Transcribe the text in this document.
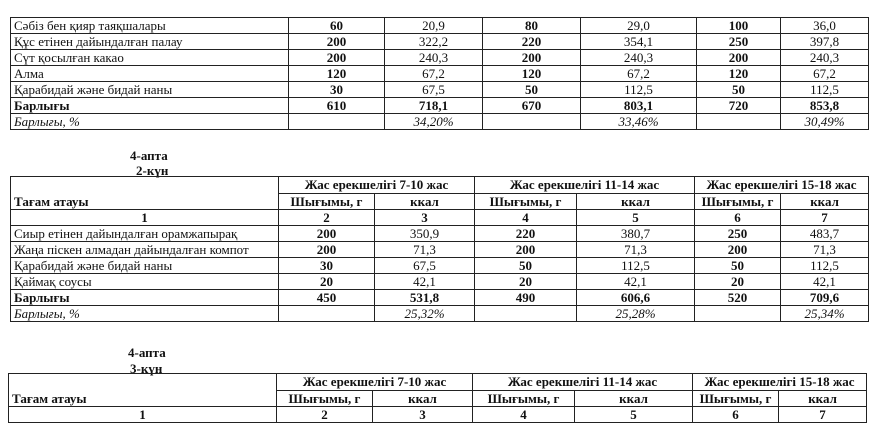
Сәбіз бен қияр таяқшалары	60	20,9	80	29,0	100	36,0
Құс етінен дайындалған палау	200	322,2	220	354,1	250	397,8
Сүт қосылған какао	200	240,3	200	240,3	200	240,3
Алма	120	67,2	120	67,2	120	67,2
Қарабидай және бидай наны	30	67,5	50	112,5	50	112,5
Барлығы	610	718,1	670	803,1	720	853,8
Барлығы, %		34,20%		33,46%		30,49%
4-апта
2-күн
Тағам атауы	Жас ерекшелігі 7-10 жас		Жас ерекшелігі 11-14 жас		Жас ерекшелігі 15-18 жас	
	Шығымы, г	ккал	Шығымы, г	ккал	Шығымы, г	ккал
1	2	3	4	5	6	7
Сиыр етінен дайындалған орамжапырақ	200	350,9	220	380,7	250	483,7
Жаңа піскен алмадан дайындалған компот	200	71,3	200	71,3	200	71,3
Қарабидай және бидай наны	30	67,5	50	112,5	50	112,5
Қаймақ соусы	20	42,1	20	42,1	20	42,1
Барлығы	450	531,8	490	606,6	520	709,6
Барлығы, %		25,32%		25,28%		25,34%
4-апта
3-күн
Тағам атауы	Жас ерекшелігі 7-10 жас		Жас ерекшелігі 11-14 жас		Жас ерекшелігі 15-18 жас	
	Шығымы, г	ккал	Шығымы, г	ккал	Шығымы, г	ккал
1	2	3	4	5	6	7
